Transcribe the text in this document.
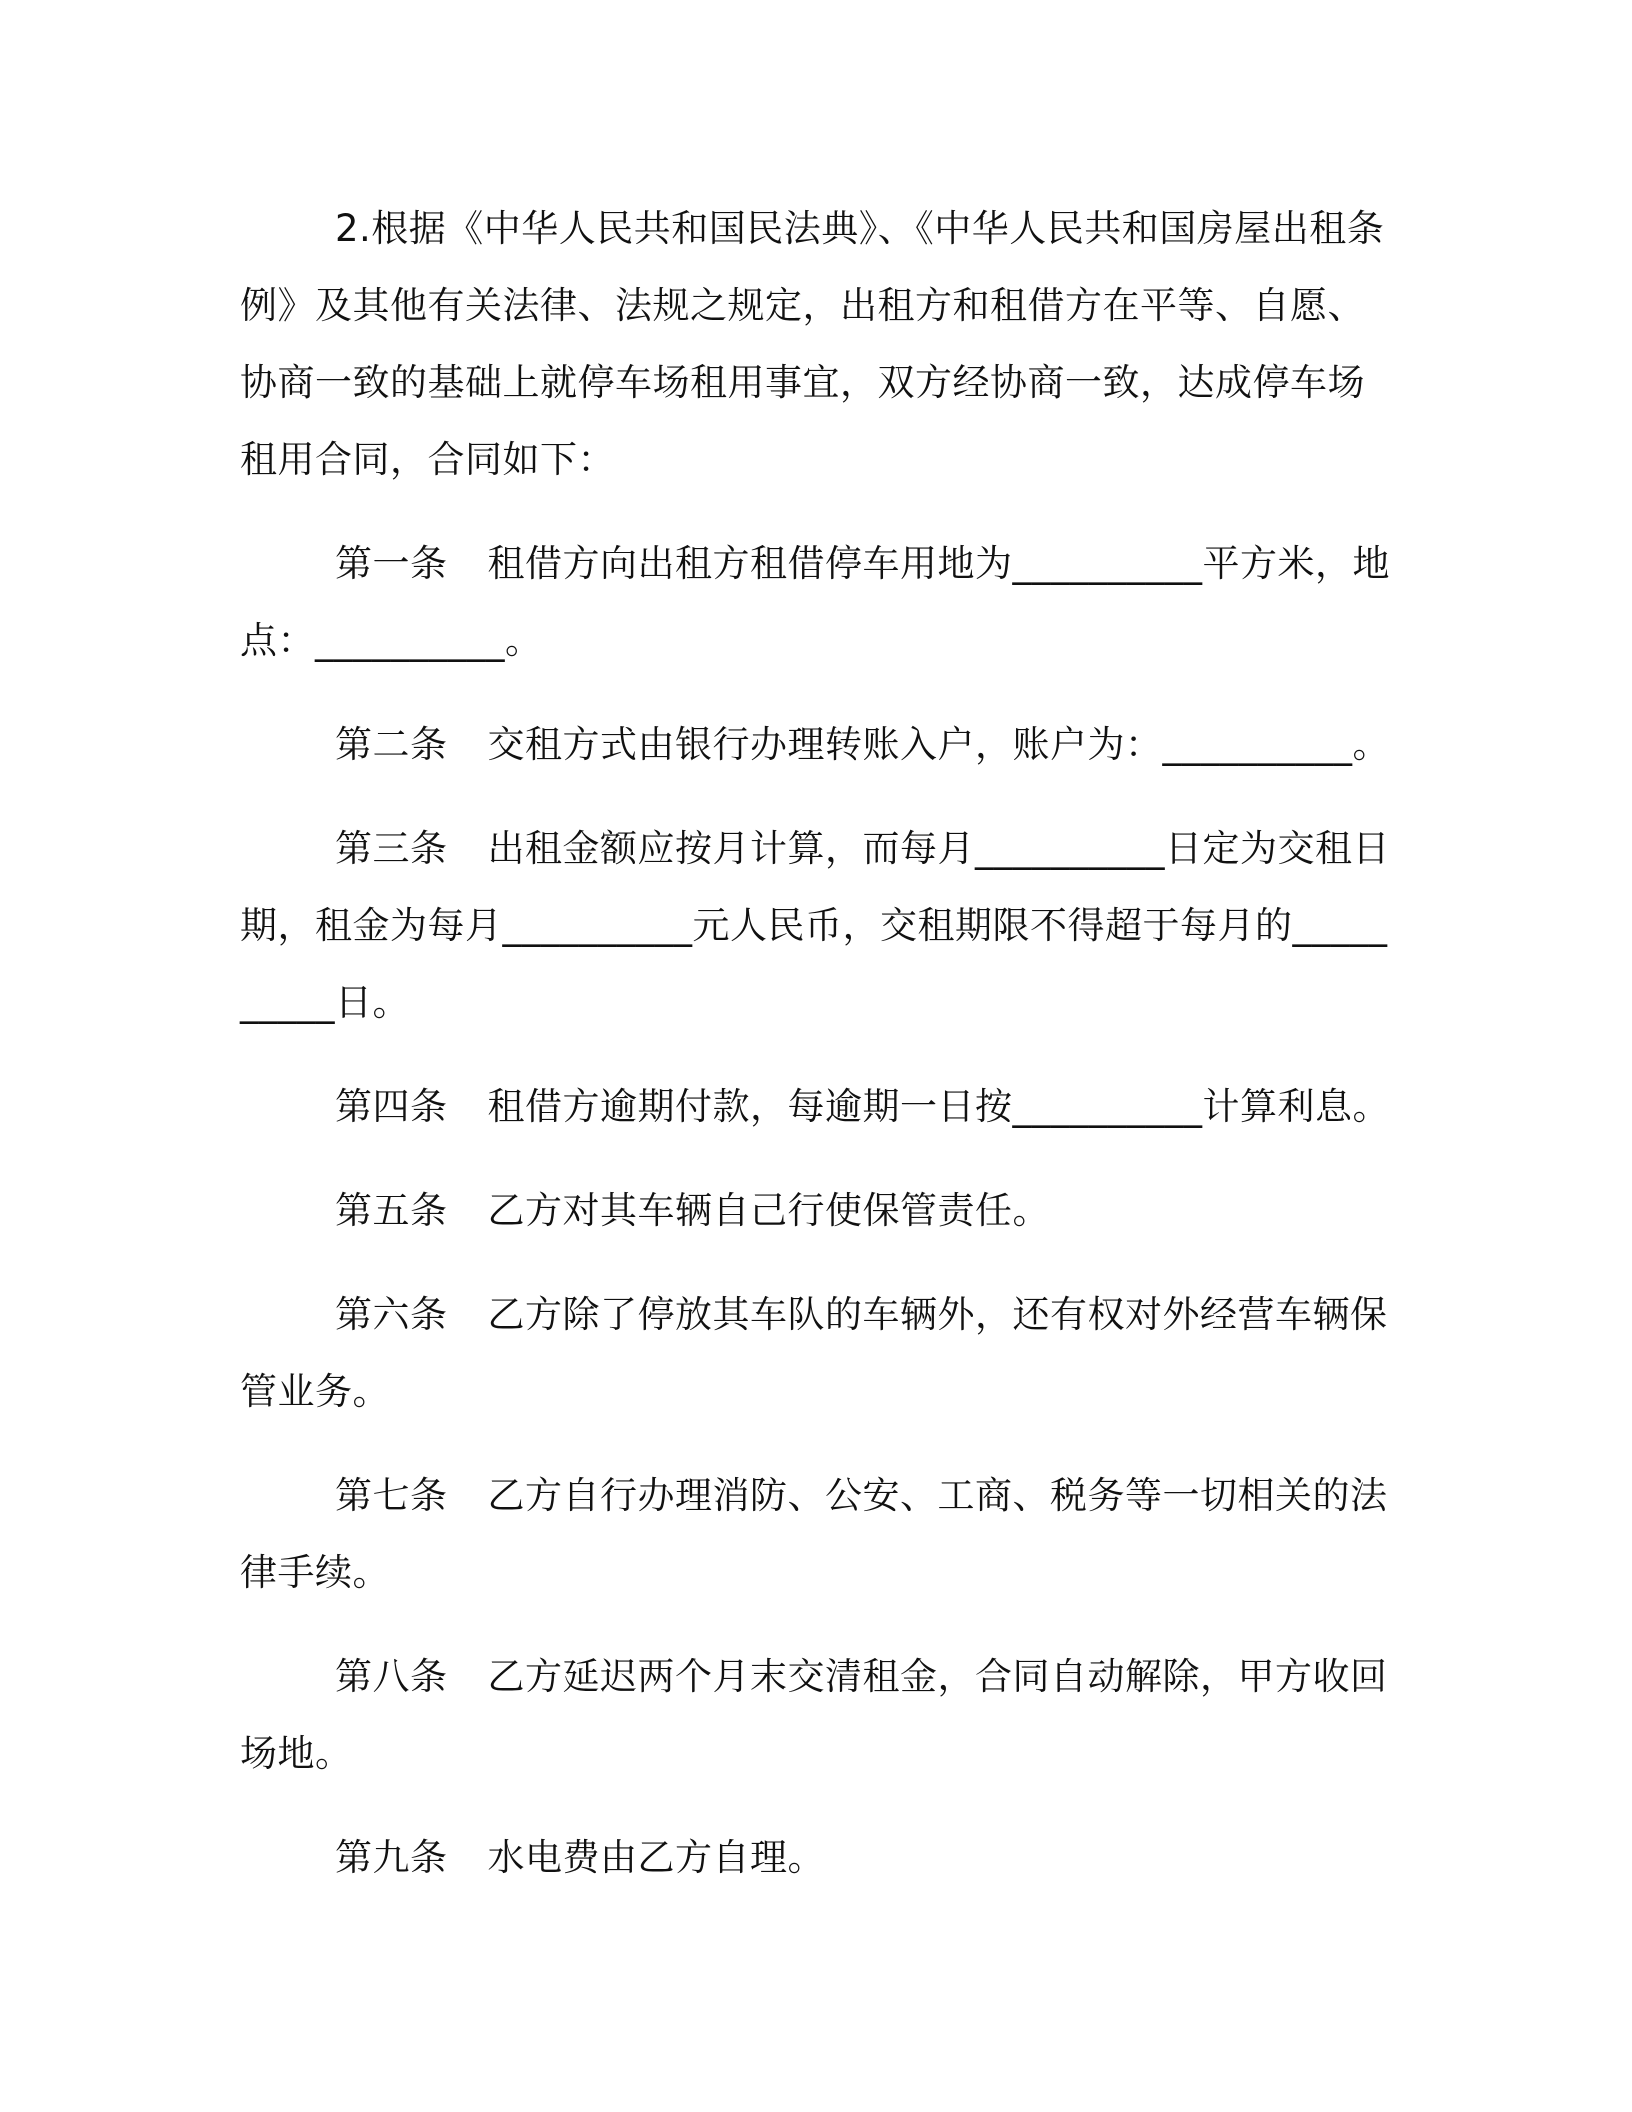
2.根据《中华人民共和国民法典》、《中华人民共和国房屋出租条例》及其他有关法律、法规之规定，出租方和租借方在平等、自愿、协商一致的基础上就停车场租用事宜，双方经协商一致，达成停车场租用合同，合同如下：

第一条 租借方向出租方租借停车用地为__________平方米，地点：__________。

第二条 交租方式由银行办理转账入户，账户为：__________。

第三条 出租金额应按月计算，而每月__________日定为交租日期，租金为每月__________元人民币，交租期限不得超于每月的__________日。

第四条 租借方逾期付款，每逾期一日按__________计算利息。

第五条 乙方对其车辆自己行使保管责任。

第六条 乙方除了停放其车队的车辆外，还有权对外经营车辆保管业务。

第七条 乙方自行办理消防、公安、工商、税务等一切相关的法律手续。

第八条 乙方延迟两个月末交清租金，合同自动解除，甲方收回场地。

第九条 水电费由乙方自理。
